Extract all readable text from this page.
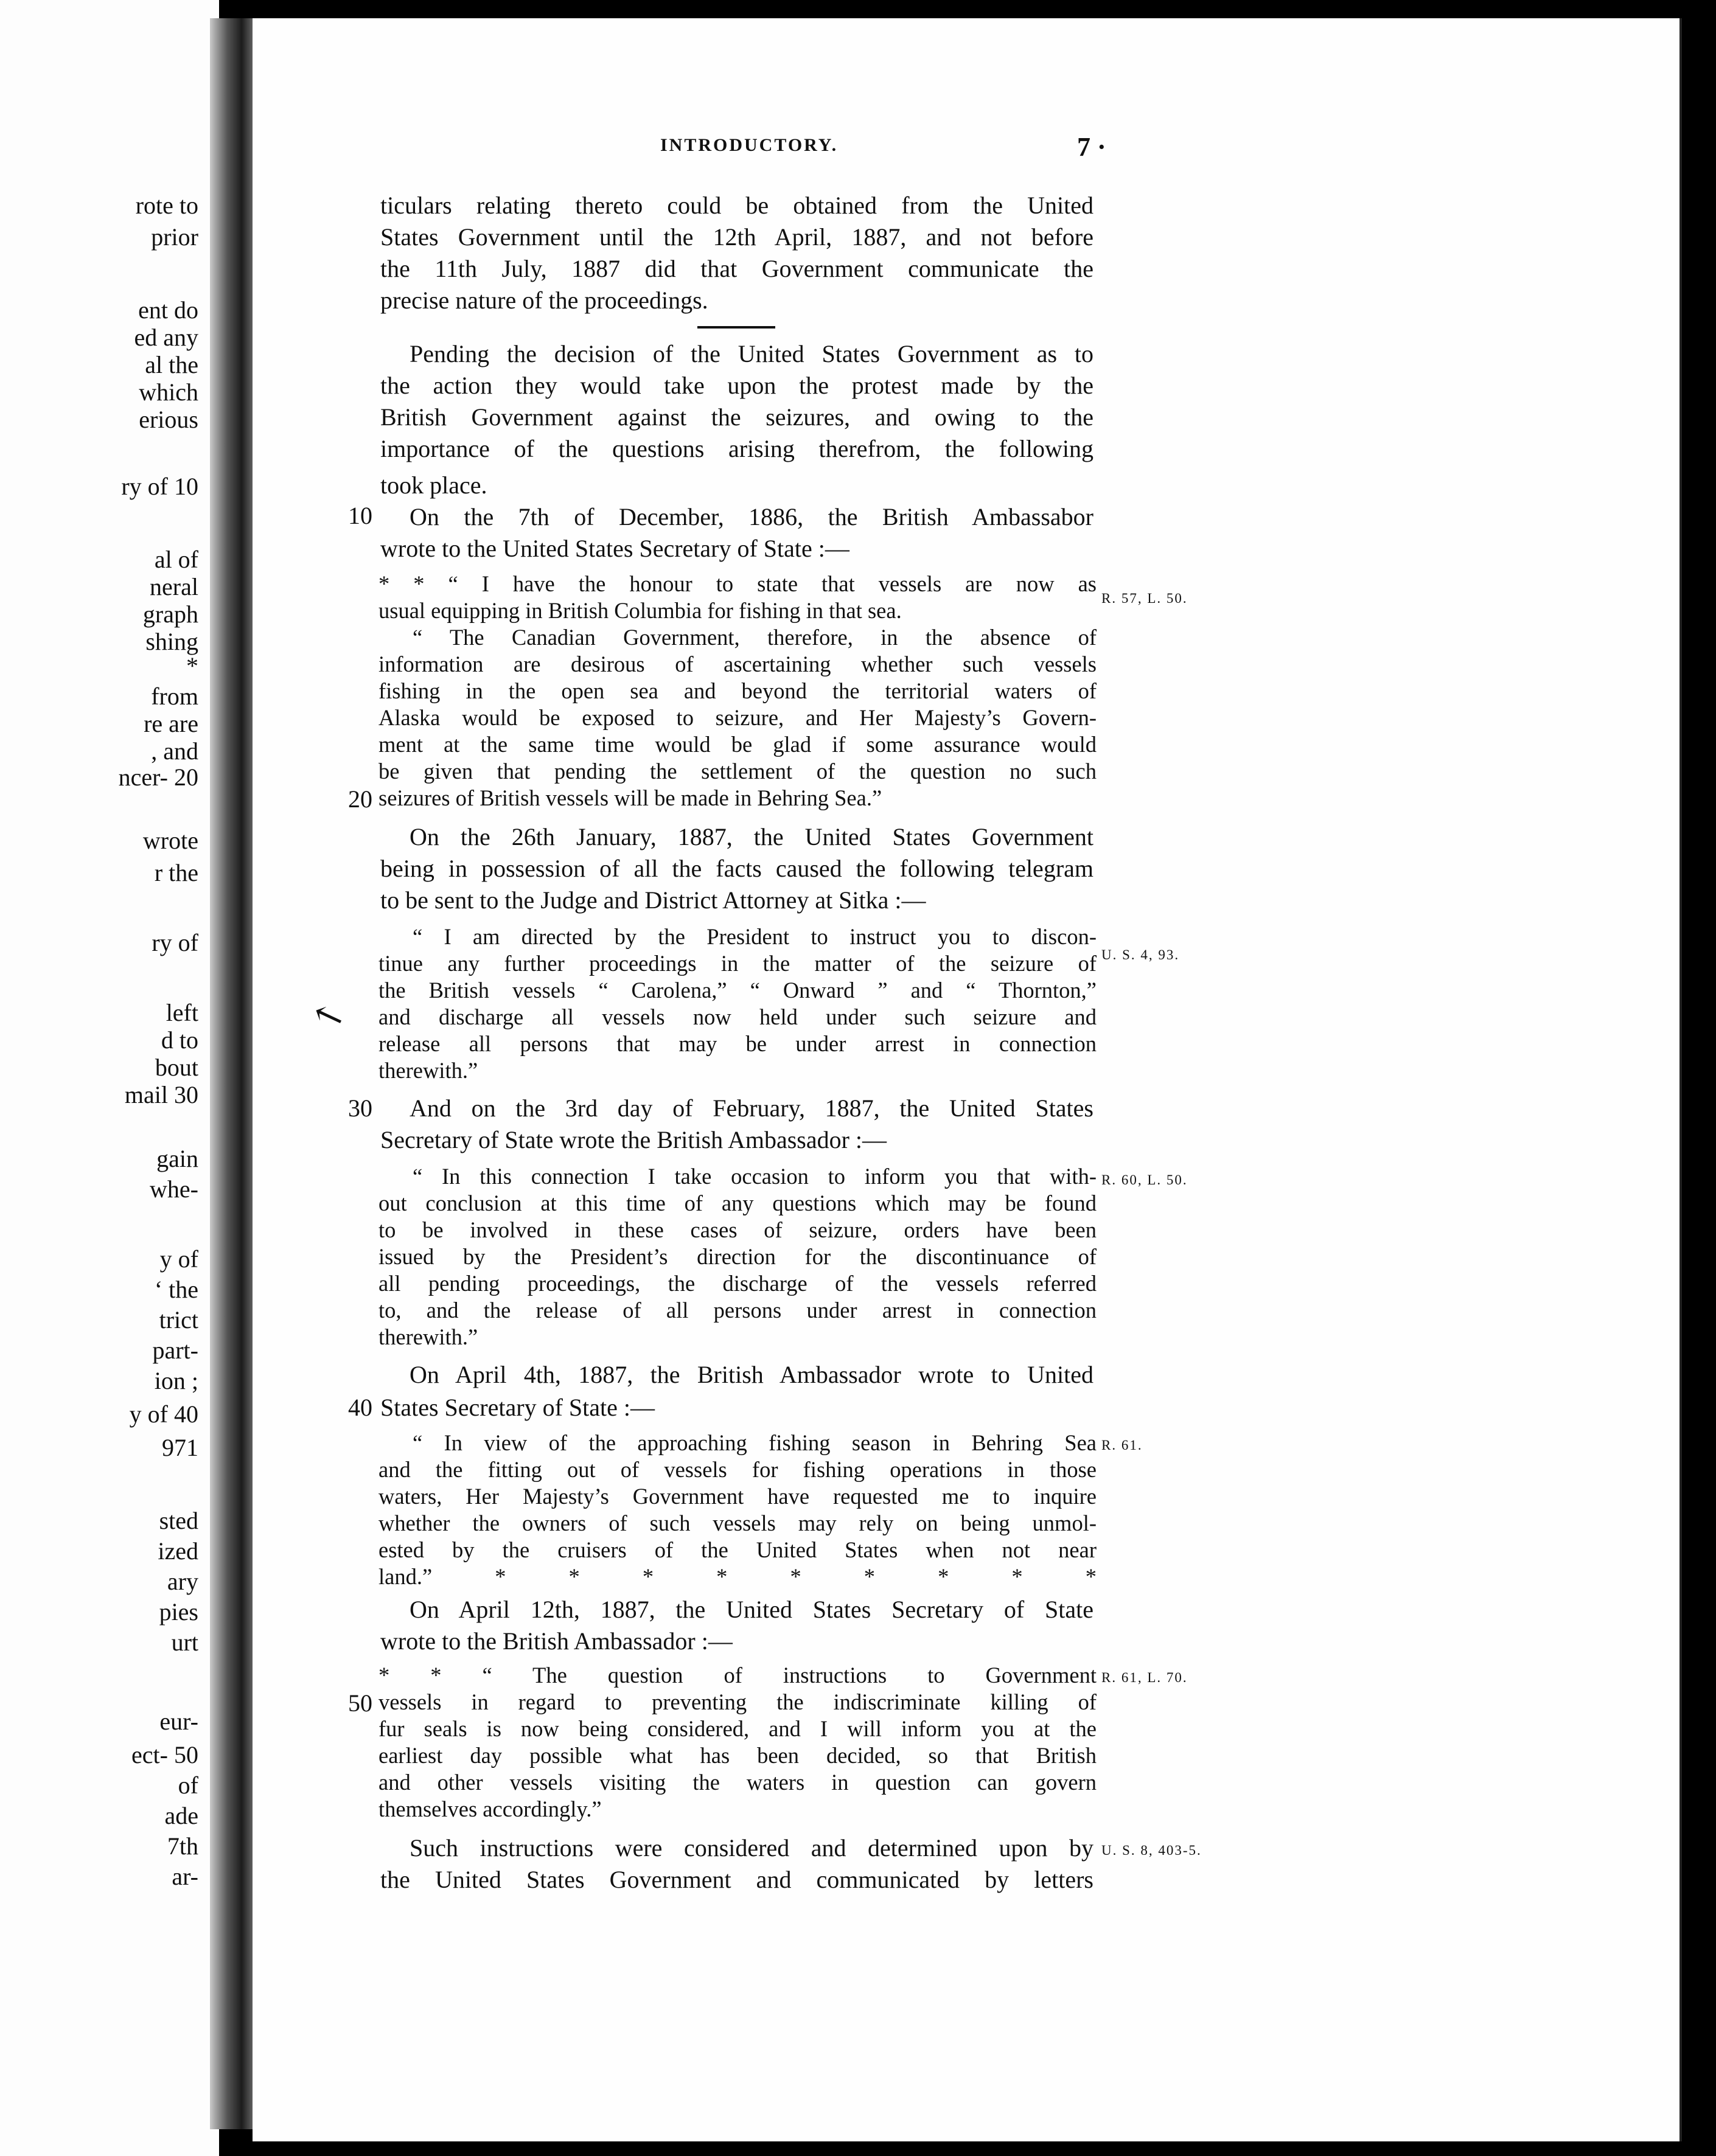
rote to
prior
ent do
ed any
al the
which
erious
ry of 10
al of
neral
graph
shing
*
from
re are
, and
ncer- 20
wrote
r the
ry of
left
d to
bout
mail 30
gain
whe-
y of
‘ the
trict
part-
ion ;
y of 40
971
sted
ized
ary
pies
urt
eur-
ect- 50
of
ade
7th
ar-
INTRODUCTORY.	7 ·
ticulars relating thereto could be obtained from the United
States Government until the 12th April, 1887, and not before
the 11th July, 1887 did that Government communicate the
precise nature of the proceedings.
Pending the decision of the United States Government as to
the action they would take upon the protest made by the
British Government against the seizures, and owing to the
importance of the questions arising therefrom, the following
took place.
10 On the 7th of December, 1886, the British Ambassabor
wrote to the United States Secretary of State :—
* * “ I have the honour to state that vessels are now as
R. 57, L. 50.
usual equipping in British Columbia for fishing in that sea.
“ The Canadian Government, therefore, in the absence of
information are desirous of ascertaining whether such vessels
fishing in the open sea and beyond the territorial waters of
Alaska would be exposed to seizure, and Her Majesty’s Govern-
ment at the same time would be glad if some assurance would
be given that pending the settlement of the question no such
20 seizures of British vessels will be made in Behring Sea.”
On the 26th January, 1887, the United States Government
being in possession of all the facts caused the following telegram
to be sent to the Judge and District Attorney at Sitka :—
“ I am directed by the President to instruct you to discon-
U. S. 4, 93.
tinue any further proceedings in the matter of the seizure of
the British vessels “ Carolena,” “ Onward ” and “ Thornton,”
and discharge all vessels now held under such seizure and
release all persons that may be under arrest in connection
therewith.”
↖
30 And on the 3rd day of February, 1887, the United States
Secretary of State wrote the British Ambassador :—
“ In this connection I take occasion to inform you that with- R. 60, L. 50.
out conclusion at this time of any questions which may be found
to be involved in these cases of seizure, orders have been
issued by the President’s direction for the discontinuance of
all pending proceedings, the discharge of the vessels referred
to, and the release of all persons under arrest in connection
therewith.”
On April 4th, 1887, the British Ambassador wrote to United
40 States Secretary of State :—
“ In view of the approaching fishing season in Behring Sea R. 61.
and the fitting out of vessels for fishing operations in those
waters, Her Majesty’s Government have requested me to inquire
whether the owners of such vessels may rely on being unmol-
ested by the cruisers of the United States when not near
land.” * * * * * * * * *
On April 12th, 1887, the United States Secretary of State
wrote to the British Ambassador :—
* * “ The question of instructions to Government R. 61, L. 70.
50 vessels in regard to preventing the indiscriminate killing of
fur seals is now being considered, and I will inform you at the
earliest day possible what has been decided, so that British
and other vessels visiting the waters in question can govern
themselves accordingly.”
Such instructions were considered and determined upon by U. S. 8, 403-5.
the United States Government and communicated by letters
